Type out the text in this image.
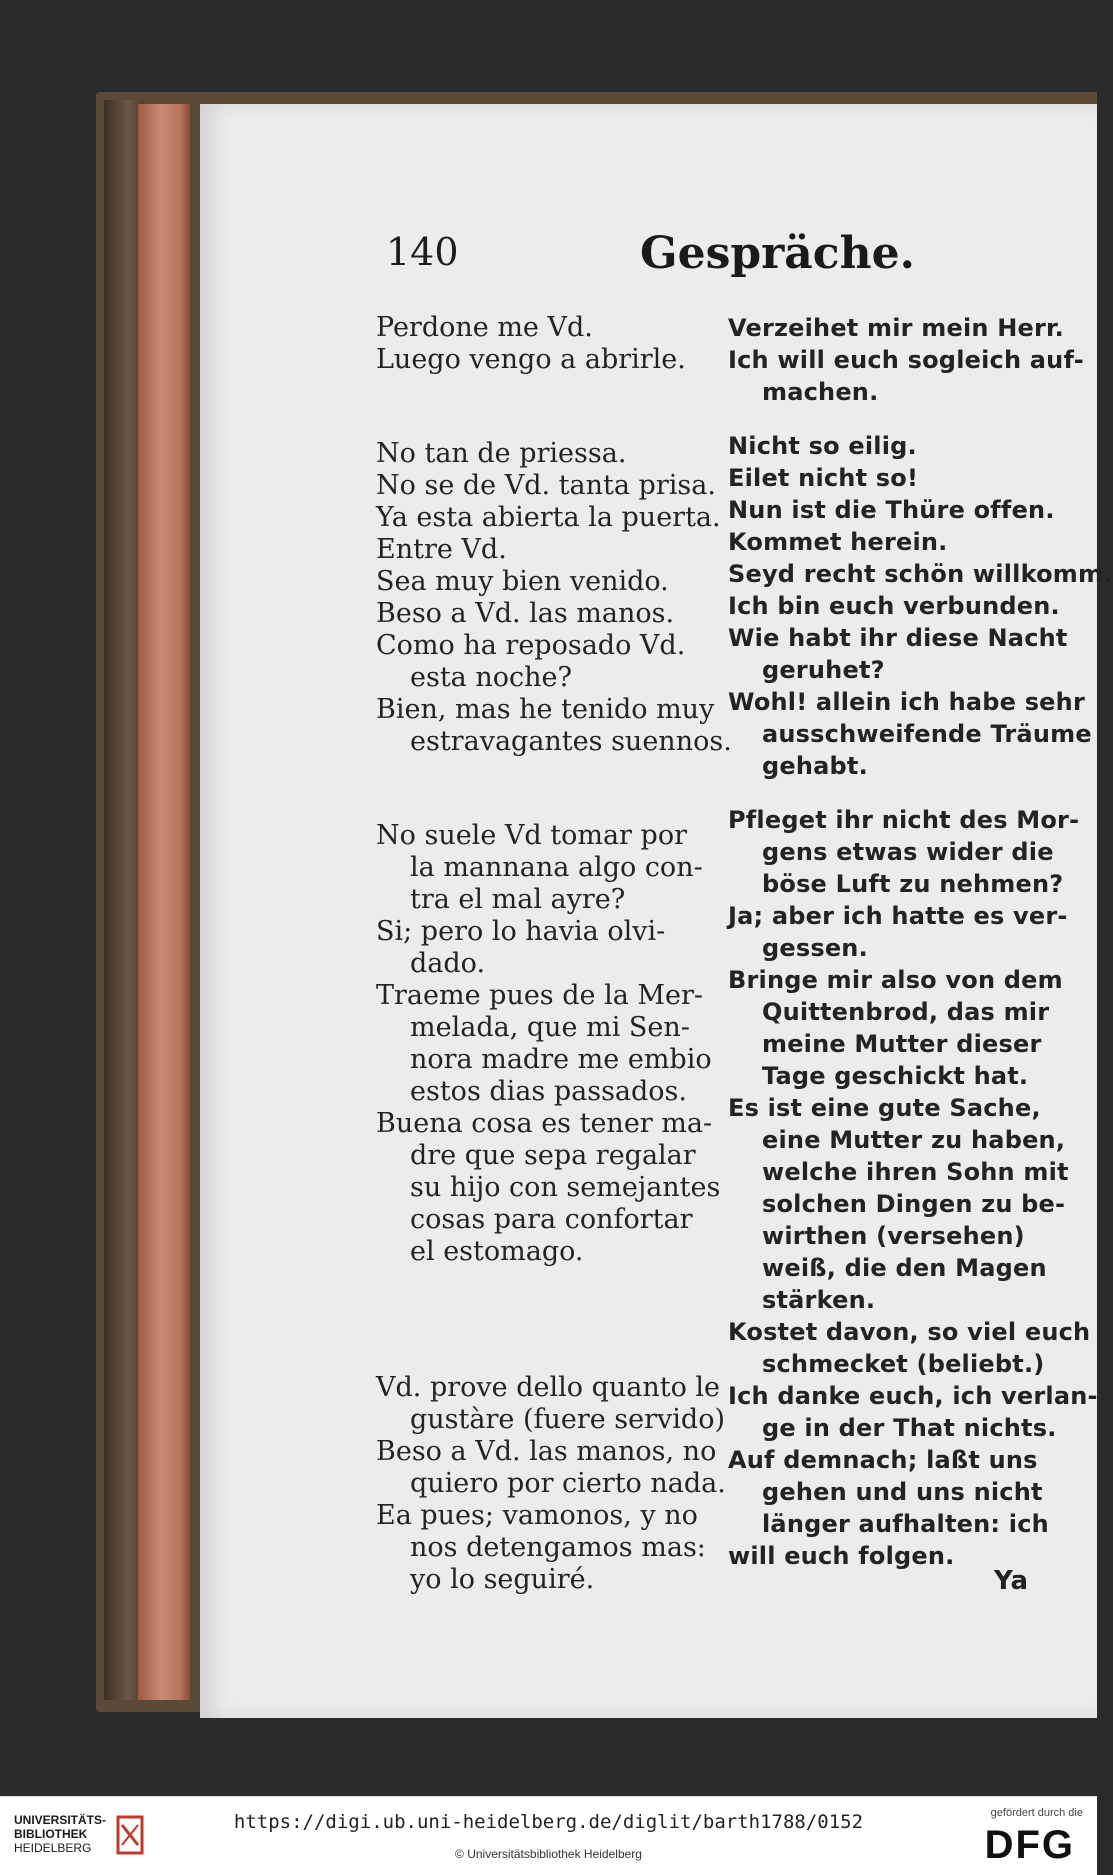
140	Gespräche.
Perdone me Vd.
Luego vengo a abrirle.
No tan de priessa.
No se de Vd. tanta prisa.
Ya esta abierta la puerta.
Entre Vd.
Sea muy bien venido.
Beso a Vd. las manos.
Como ha reposado Vd.
esta noche?
Bien, mas he tenido muy
estravagantes suennos.
No suele Vd tomar por
la mannana algo con-
tra el mal ayre?
Si; pero lo havia olvi-
dado.
Traeme pues de la Mer-
melada, que mi Sen-
nora madre me embio
estos dias passados.
Buena cosa es tener ma-
dre que sepa regalar
su hijo con semejantes
cosas para confortar
el estomago.
Vd. prove dello quanto le
gustàre (fuere servido)
Beso a Vd. las manos, no
quiero por cierto nada.
Ea pues; vamonos, y no
nos detengamos mas:
yo lo seguiré.
Verzeihet mir mein Herr.
Ich will euch sogleich auf-
machen.
Nicht so eilig.
Eilet nicht so!
Nun ist die Thüre offen.
Kommet herein.
Seyd recht schön willkomm.
Ich bin euch verbunden.
Wie habt ihr diese Nacht
geruhet?
Wohl! allein ich habe sehr
ausschweifende Träume
gehabt.
Pfleget ihr nicht des Mor-
gens etwas wider die
böse Luft zu nehmen?
Ja; aber ich hatte es ver-
gessen.
Bringe mir also von dem
Quittenbrod, das mir
meine Mutter dieser
Tage geschickt hat.
Es ist eine gute Sache,
eine Mutter zu haben,
welche ihren Sohn mit
solchen Dingen zu be-
wirthen (versehen)
weiß, die den Magen
stärken.
Kostet davon, so viel euch
schmecket (beliebt.)
Ich danke euch, ich verlan-
ge in der That nichts.
Auf demnach; laßt uns
gehen und uns nicht
länger aufhalten: ich
will euch folgen.
Ya
UNIVERSITÄTS-
BIBLIOTHEK
HEIDELBERG
https://digi.ub.uni-heidelberg.de/diglit/barth1788/0152
© Universitätsbibliothek Heidelberg
gefördert durch die
DFG
